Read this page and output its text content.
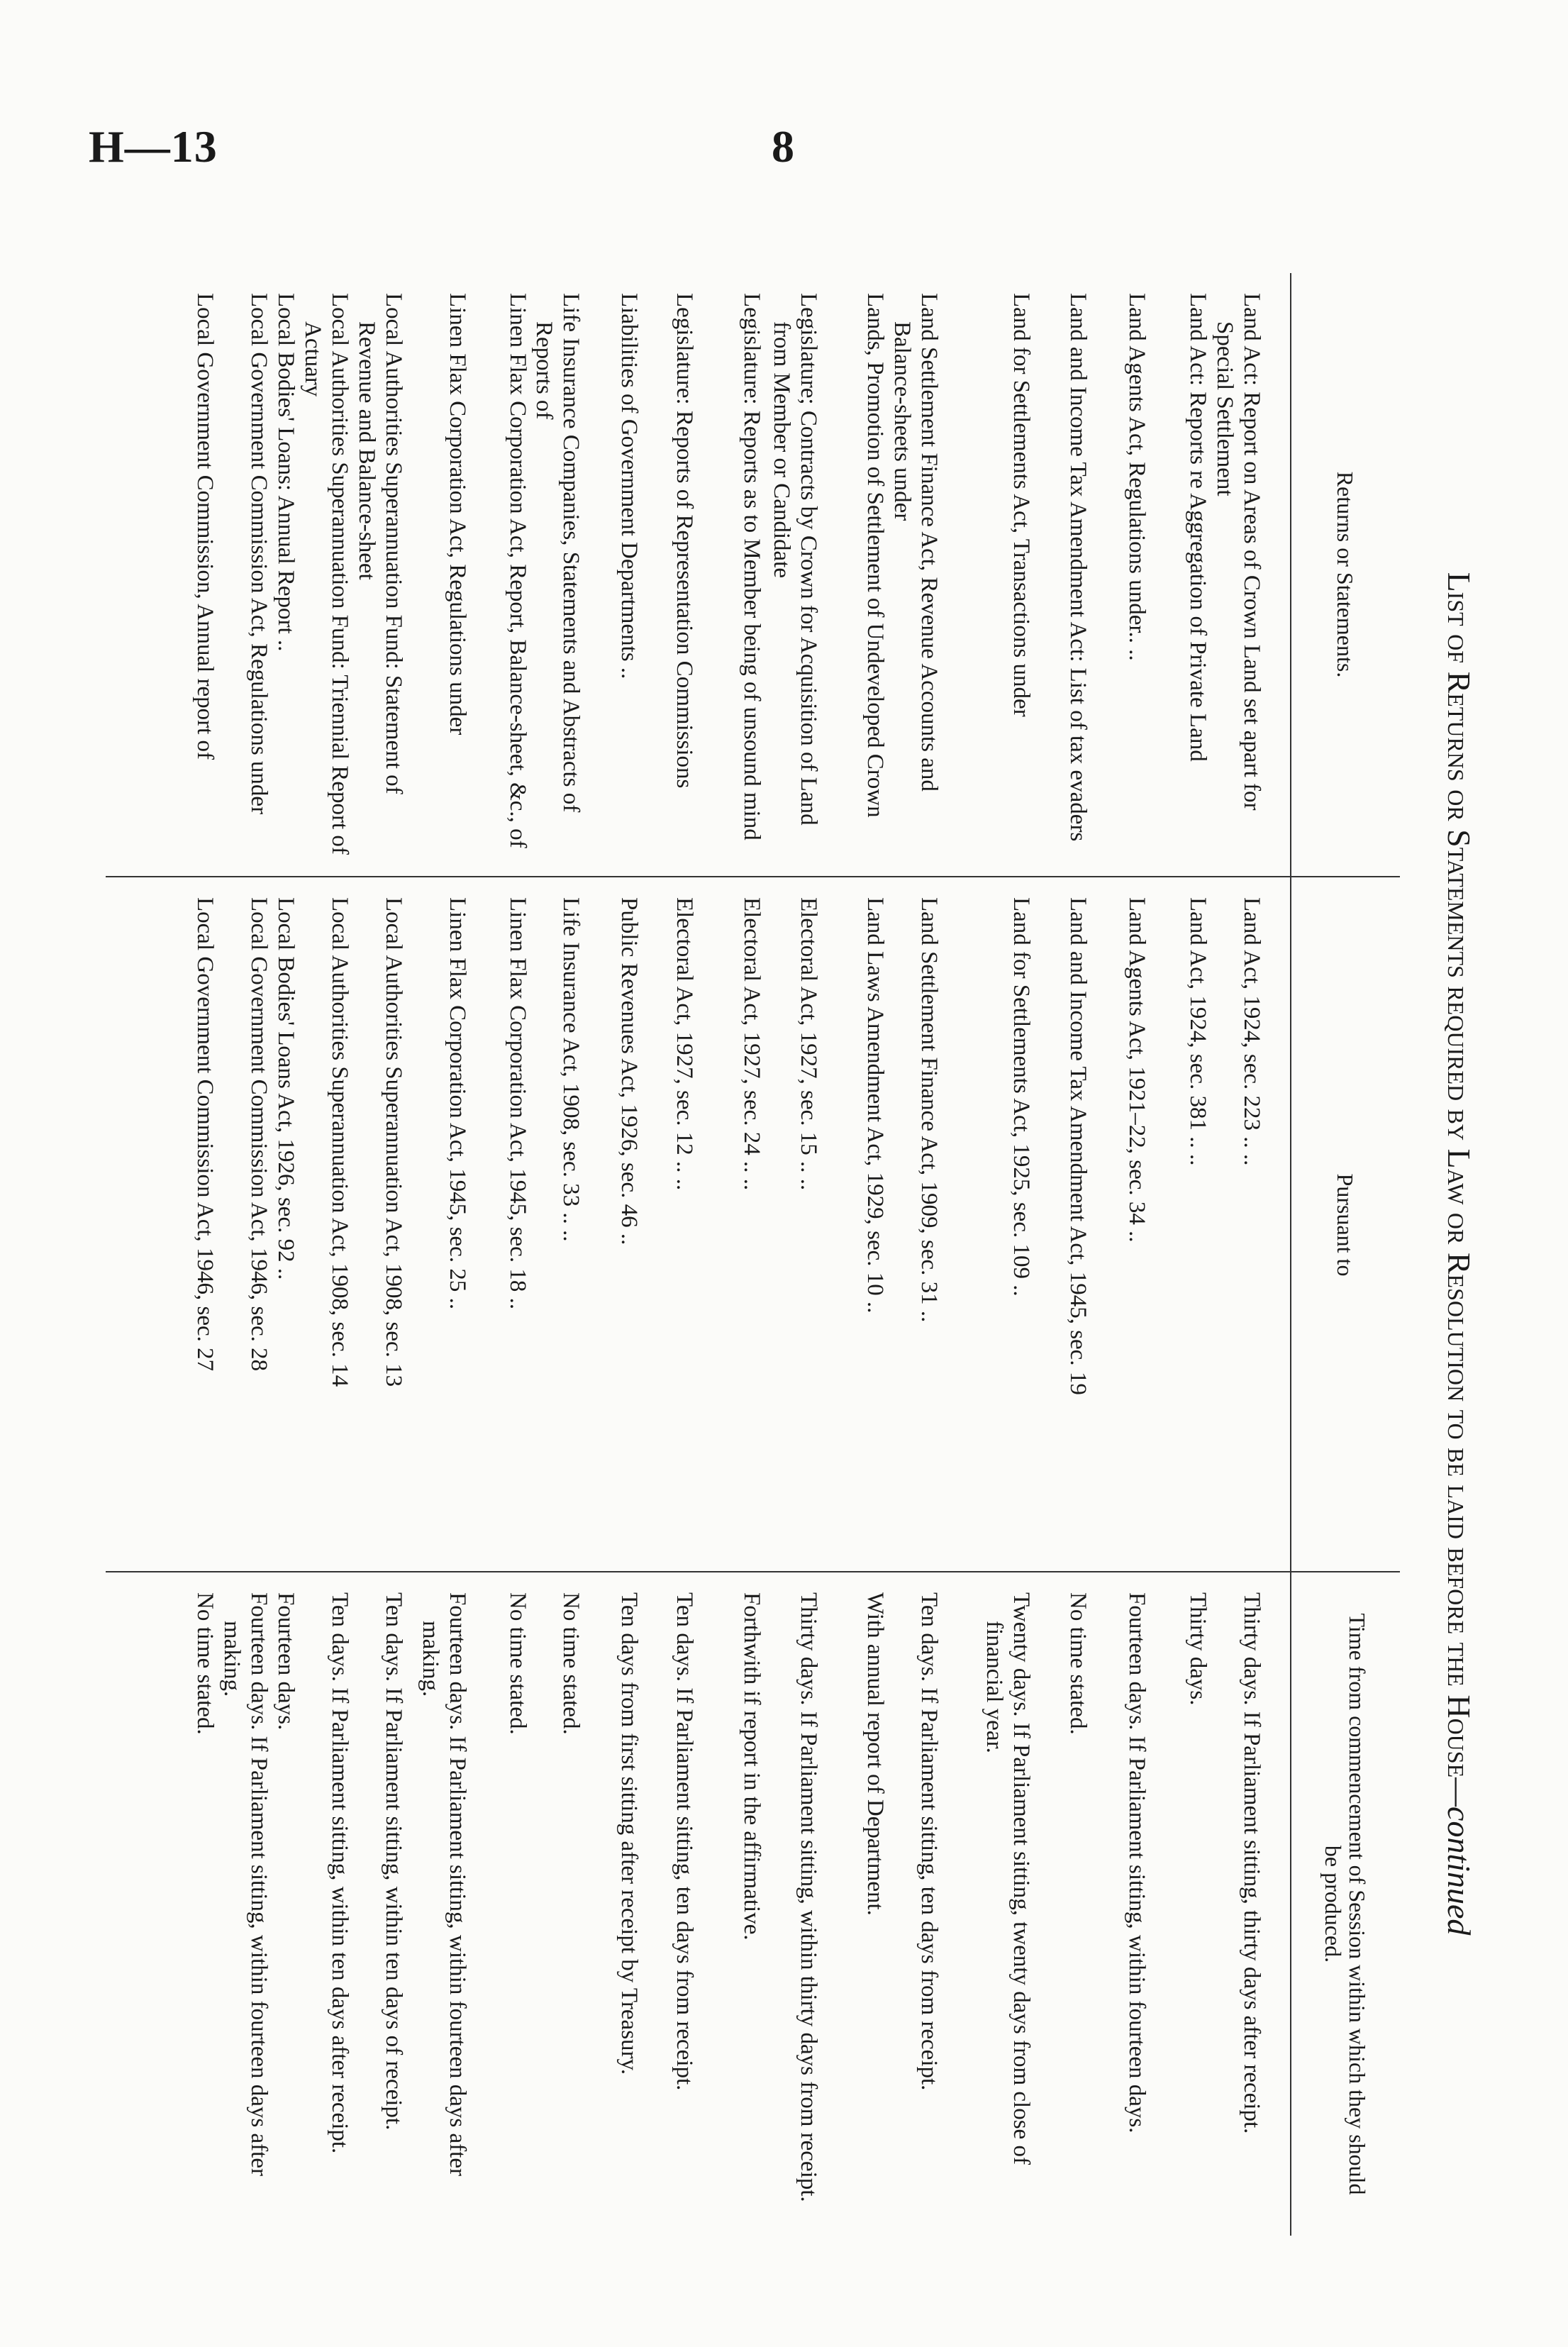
H—13	8
List of Returns or Statements required by Law or Resolution to be laid before the House—continued
Returns or Statements.
Land Act: Report on Areas of Crown Land set apart for Special Settlement
Land Act: Reports re Aggregation of Private Land
Land Agents Act, Regulations under.. ..
Land and Income Tax Amendment Act: List of tax evaders
Land for Settlements Act, Transactions under
Land Settlement Finance Act, Revenue Accounts and Balance-sheets under
Lands, Promotion of Settlement of Undeveloped Crown
Legislature; Contracts by Crown for Acquisition of Land from Member or Candidate
Legislature: Reports as to Member being of unsound mind
Legislature: Reports of Representation Commissions
Liabilities of Government Departments ..
Life Insurance Companies, Statements and Abstracts of Reports of
Linen Flax Corporation Act, Report, Balance-sheet, &c., of
Linen Flax Corporation Act, Regulations under
Local Authorities Superannuation Fund: Statement of Revenue and Balance-sheet
Local Authorities Superannuation Fund: Triennial Report of Actuary
Local Bodies' Loans: Annual Report ..
Local Government Commission Act, Regulations under
Local Government Commission, Annual report of
Pursuant to
Land Act, 1924, sec. 223 .. ..
Land Act, 1924, sec. 381 .. ..
Land Agents Act, 1921–22, sec. 34 ..
Land and Income Tax Amendment Act, 1945, sec. 19
Land for Settlements Act, 1925, sec. 109 ..
Land Settlement Finance Act, 1909, sec. 31 ..
Land Laws Amendment Act, 1929, sec. 10 ..
Electoral Act, 1927, sec. 15 .. ..
Electoral Act, 1927, sec. 24 .. ..
Electoral Act, 1927, sec. 12 .. ..
Public Revenues Act, 1926, sec. 46 ..
Life Insurance Act, 1908, sec. 33 .. ..
Linen Flax Corporation Act, 1945, sec. 18 ..
Linen Flax Corporation Act, 1945, sec. 25 ..
Local Authorities Superannuation Act, 1908, sec. 13
Local Authorities Superannuation Act, 1908, sec. 14
Local Bodies' Loans Act, 1926, sec. 92 ..
Local Government Commission Act, 1946, sec. 28
Local Government Commission Act, 1946, sec. 27
Time from commencement of Session within which they should be produced.
Thirty days. If Parliament sitting, thirty days after receipt.
Thirty days.
Fourteen days. If Parliament sitting, within fourteen days.
No time stated.
Twenty days. If Parliament sitting, twenty days from close of financial year.
Ten days. If Parliament sitting, ten days from receipt.
With annual report of Department.
Thirty days. If Parliament sitting, within thirty days from receipt.
Forthwith if report in the affirmative.
Ten days. If Parliament sitting, ten days from receipt.
Ten days from first sitting after receipt by Treasury.
No time stated.
No time stated.
Fourteen days. If Parliament sitting, within fourteen days after making.
Ten days. If Parliament sitting, within ten days of receipt.
Ten days. If Parliament sitting, within ten days after receipt.
Fourteen days.
Fourteen days. If Parliament sitting, within fourteen days after making.
No time stated.
